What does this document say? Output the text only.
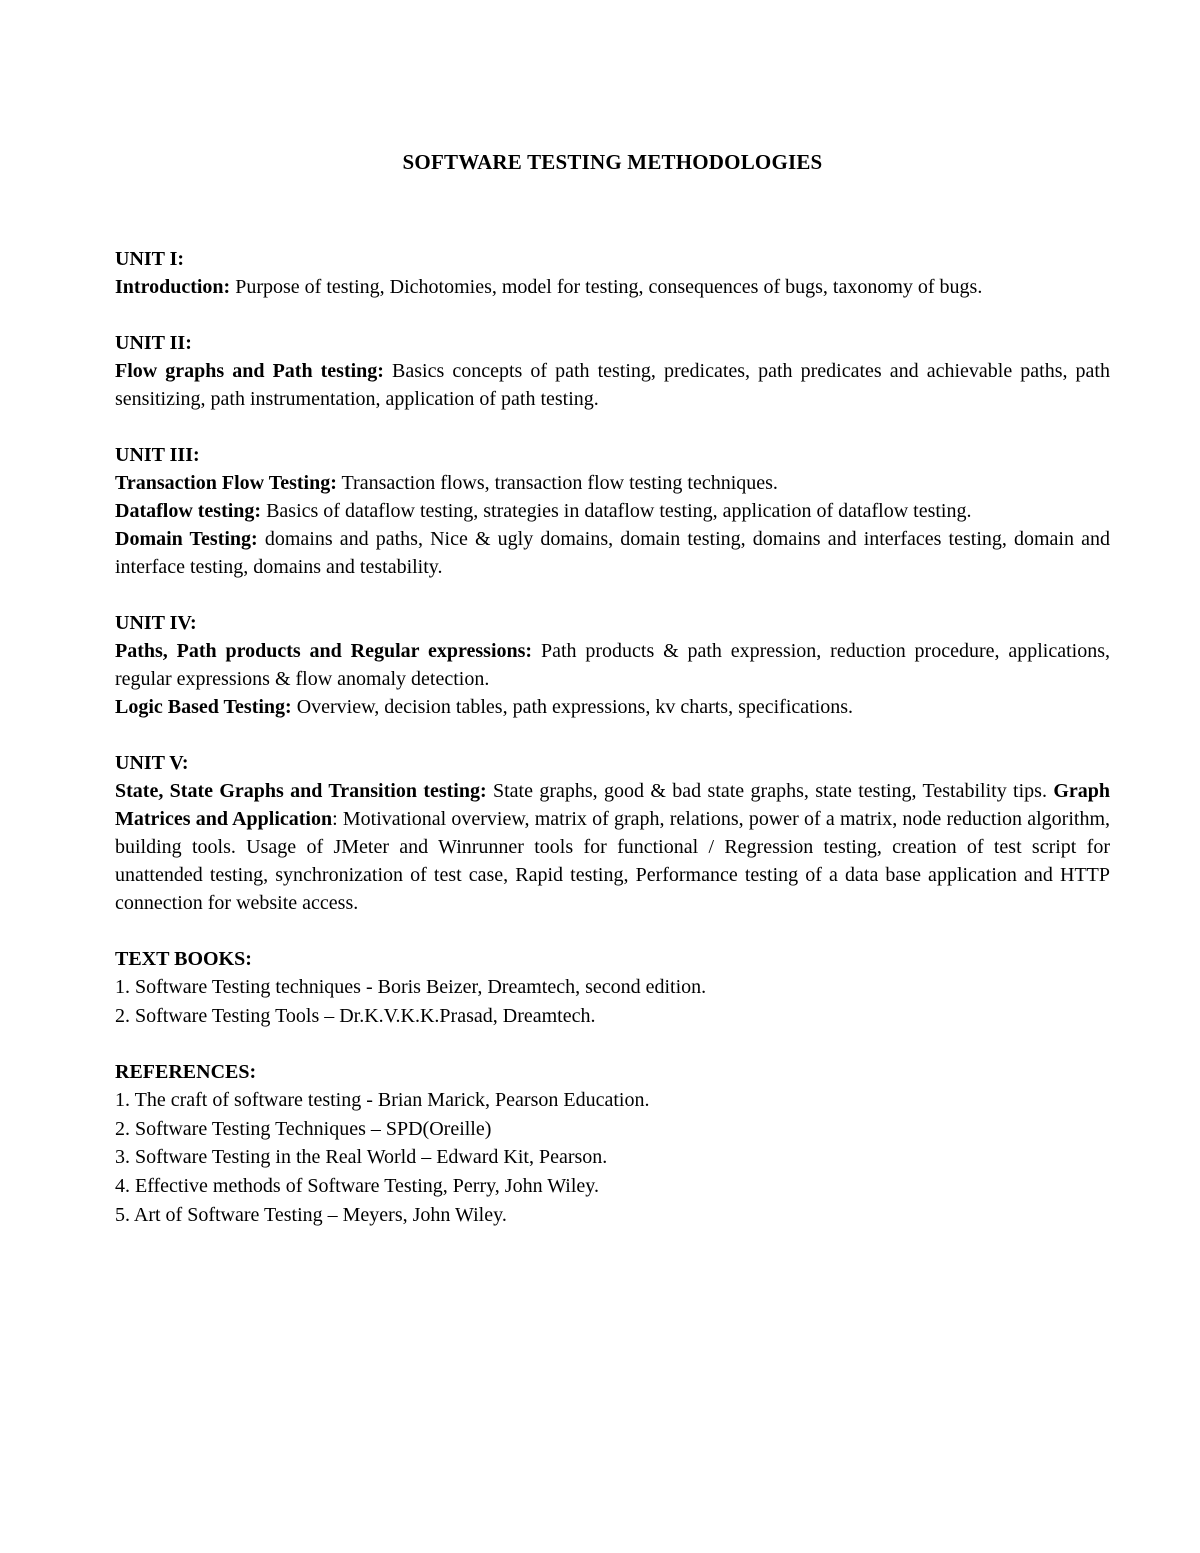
SOFTWARE TESTING METHODOLOGIES
UNIT I:

Introduction: Purpose of testing, Dichotomies, model for testing, consequences of bugs, taxonomy of bugs.

UNIT II:

Flow graphs and Path testing: Basics concepts of path testing, predicates, path predicates and achievable paths, path sensitizing, path instrumentation, application of path testing.

UNIT III:

Transaction Flow Testing: Transaction flows, transaction flow testing techniques.

Dataflow testing: Basics of dataflow testing, strategies in dataflow testing, application of dataflow testing.

Domain Testing: domains and paths, Nice & ugly domains, domain testing, domains and interfaces testing, domain and interface testing, domains and testability.

UNIT IV:

Paths, Path products and Regular expressions: Path products & path expression, reduction procedure, applications, regular expressions & flow anomaly detection.

Logic Based Testing: Overview, decision tables, path expressions, kv charts, specifications.

UNIT V:

State, State Graphs and Transition testing: State graphs, good & bad state graphs, state testing, Testability tips. Graph Matrices and Application: Motivational overview, matrix of graph, relations, power of a matrix, node reduction algorithm, building tools. Usage of JMeter and Winrunner tools for functional / Regression testing, creation of test script for unattended testing, synchronization of test case, Rapid testing, Performance testing of a data base application and HTTP connection for website access.

TEXT BOOKS:
1. Software Testing techniques - Boris Beizer, Dreamtech, second edition.
2. Software Testing Tools – Dr.K.V.K.K.Prasad, Dreamtech.
REFERENCES:
1. The craft of software testing - Brian Marick, Pearson Education.
2. Software Testing Techniques – SPD(Oreille)
3. Software Testing in the Real World – Edward Kit, Pearson.
4. Effective methods of Software Testing, Perry, John Wiley.
5. Art of Software Testing – Meyers, John Wiley.
